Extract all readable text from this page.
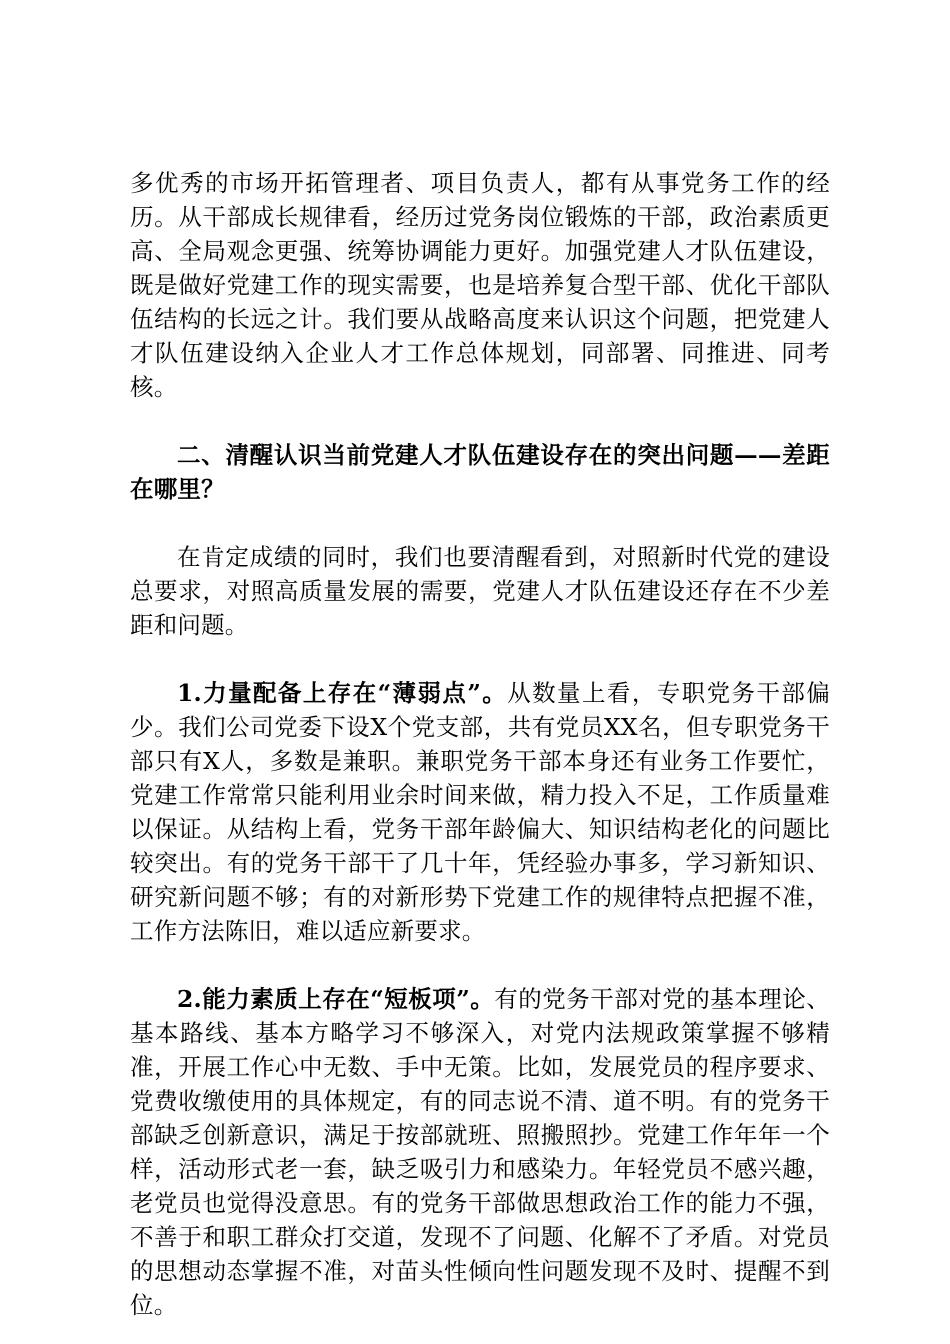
多优秀的市场开拓管理者、项目负责人，都有从事党务工作的经历。从干部成长规律看，经历过党务岗位锻炼的干部，政治素质更高、全局观念更强、统筹协调能力更好。加强党建人才队伍建设，既是做好党建工作的现实需要，也是培养复合型干部、优化干部队伍结构的长远之计。我们要从战略高度来认识这个问题，把党建人才队伍建设纳入企业人才工作总体规划，同部署、同推进、同考核。

二、清醒认识当前党建人才队伍建设存在的突出问题——差距在哪里？

在肯定成绩的同时，我们也要清醒看到，对照新时代党的建设总要求，对照高质量发展的需要，党建人才队伍建设还存在不少差距和问题。

1.力量配备上存在“薄弱点”。从数量上看，专职党务干部偏少。我们公司党委下设X个党支部，共有党员XX名，但专职党务干部只有X人，多数是兼职。兼职党务干部本身还有业务工作要忙，党建工作常常只能利用业余时间来做，精力投入不足，工作质量难以保证。从结构上看，党务干部年龄偏大、知识结构老化的问题比较突出。有的党务干部干了几十年，凭经验办事多，学习新知识、研究新问题不够；有的对新形势下党建工作的规律特点把握不准，工作方法陈旧，难以适应新要求。

2.能力素质上存在“短板项”。有的党务干部对党的基本理论、基本路线、基本方略学习不够深入，对党内法规政策掌握不够精准，开展工作心中无数、手中无策。比如，发展党员的程序要求、党费收缴使用的具体规定，有的同志说不清、道不明。有的党务干部缺乏创新意识，满足于按部就班、照搬照抄。党建工作年年一个样，活动形式老一套，缺乏吸引力和感染力。年轻党员不感兴趣，老党员也觉得没意思。有的党务干部做思想政治工作的能力不强，不善于和职工群众打交道，发现不了问题、化解不了矛盾。对党员的思想动态掌握不准，对苗头性倾向性问题发现不及时、提醒不到位。
